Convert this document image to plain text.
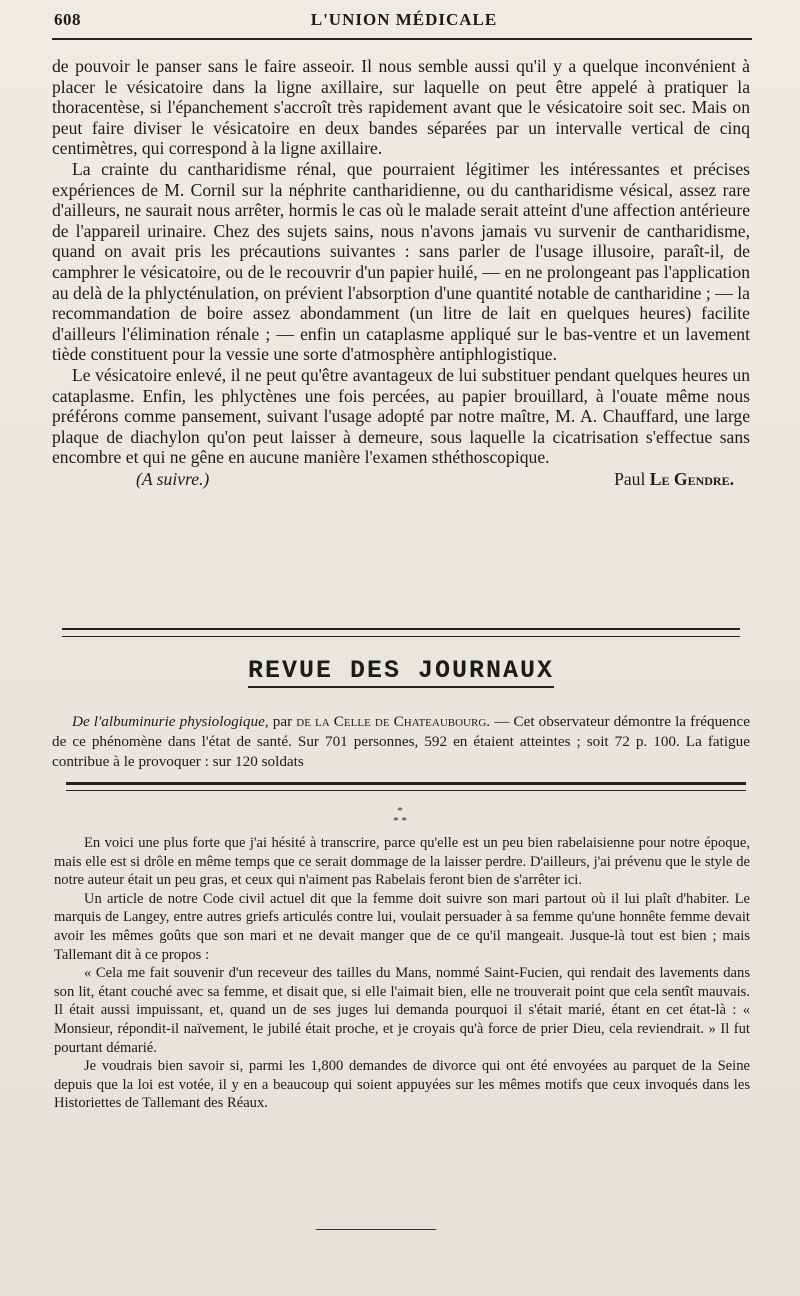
608	L'UNION MÉDICALE

de pouvoir le panser sans le faire asseoir. Il nous semble aussi qu'il y a quelque inconvénient à placer le vésicatoire dans la ligne axillaire, sur laquelle on peut être appelé à pratiquer la thoracentèse, si l'épanchement s'accroît très rapidement avant que le vésicatoire soit sec. Mais on peut faire diviser le vésicatoire en deux bandes séparées par un intervalle vertical de cinq centimètres, qui correspond à la ligne axillaire.

La crainte du cantharidisme rénal, que pourraient légitimer les intéressantes et précises expériences de M. Cornil sur la néphrite cantharidienne, ou du cantharidisme vésical, assez rare d'ailleurs, ne saurait nous arrêter, hormis le cas où le malade serait atteint d'une affection antérieure de l'appareil urinaire. Chez des sujets sains, nous n'avons jamais vu survenir de cantharidisme, quand on avait pris les précautions suivantes : sans parler de l'usage illusoire, paraît-il, de camphrer le vésicatoire, ou de le recouvrir d'un papier huilé, — en ne prolongeant pas l'application au delà de la phlycténulation, on prévient l'absorption d'une quantité notable de cantharidine ; — la recommandation de boire assez abondamment (un litre de lait en quelques heures) facilite d'ailleurs l'élimination rénale ; — enfin un cataplasme appliqué sur le bas-ventre et un lavement tiède constituent pour la vessie une sorte d'atmosphère antiphlogistique.

Le vésicatoire enlevé, il ne peut qu'être avantageux de lui substituer pendant quelques heures un cataplasme. Enfin, les phlyctènes une fois percées, au papier brouillard, à l'ouate même nous préférons comme pansement, suivant l'usage adopté par notre maître, M. A. Chauffard, une large plaque de diachylon qu'on peut laisser à demeure, sous laquelle la cicatrisation s'effectue sans encombre et qui ne gêne en aucune manière l'examen sthéthoscopique.

(A suivre.)	Paul Le Gendre.
REVUE DES JOURNAUX

De l'albuminurie physiologique, par de la Celle de Chateaubourg. — Cet observateur démontre la fréquence de ce phénomène dans l'état de santé. Sur 701 personnes, 592 en étaient atteintes ; soit 72 p. 100. La fatigue contribue à le provoquer : sur 120 soldats

*
* *

En voici une plus forte que j'ai hésité à transcrire, parce qu'elle est un peu bien rabelaisienne pour notre époque, mais elle est si drôle en même temps que ce serait dommage de la laisser perdre. D'ailleurs, j'ai prévenu que le style de notre auteur était un peu gras, et ceux qui n'aiment pas Rabelais feront bien de s'arrêter ici.

Un article de notre Code civil actuel dit que la femme doit suivre son mari partout où il lui plaît d'habiter. Le marquis de Langey, entre autres griefs articulés contre lui, voulait persuader à sa femme qu'une honnête femme devait avoir les mêmes goûts que son mari et ne devait manger que de ce qu'il mangeait. Jusque-là tout est bien ; mais Tallemant dit à ce propos :

« Cela me fait souvenir d'un receveur des tailles du Mans, nommé Saint-Fucien, qui rendait des lavements dans son lit, étant couché avec sa femme, et disait que, si elle l'aimait bien, elle ne trouverait point que cela sentît mauvais. Il était aussi impuissant, et, quand un de ses juges lui demanda pourquoi il s'était marié, étant en cet état-là : « Monsieur, répondit-il naïvement, le jubilé était proche, et je croyais qu'à force de prier Dieu, cela reviendrait. » Il fut pourtant démarié.

Je voudrais bien savoir si, parmi les 1,800 demandes de divorce qui ont été envoyées au parquet de la Seine depuis que la loi est votée, il y en a beaucoup qui soient appuyées sur les mêmes motifs que ceux invoqués dans les Historiettes de Tallemant des Réaux.
